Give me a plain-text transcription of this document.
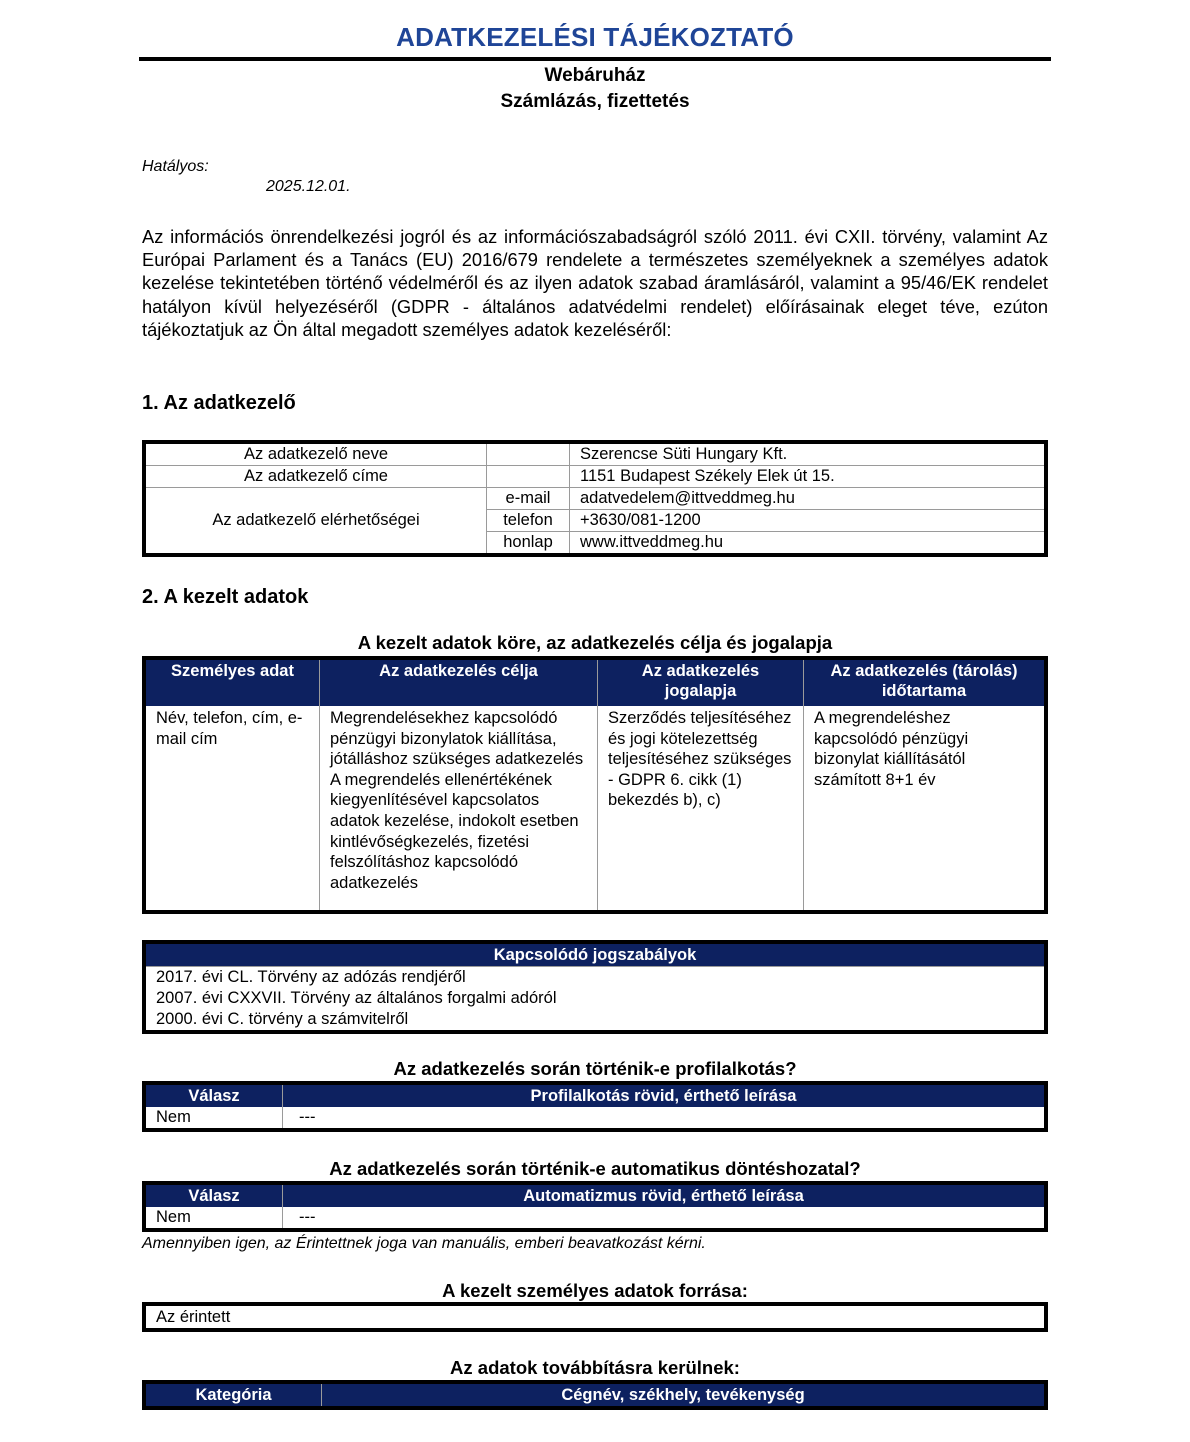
ADATKEZELÉSI TÁJÉKOZTATÓ
Webáruház
Számlázás, fizettetés
Hatályos:
2025.12.01.

Az információs önrendelkezési jogról és az információszabadságról szóló 2011. évi CXII. törvény, valamint Az Európai Parlament és a Tanács (EU) 2016/679 rendelete a természetes személyeknek a személyes adatok kezelése tekintetében történő védelméről és az ilyen adatok szabad áramlásáról, valamint a 95/46/EK rendelet hatályon kívül helyezéséről (GDPR - általános adatvédelmi rendelet) előírásainak eleget téve, ezúton tájékoztatjuk az Ön által megadott személyes adatok kezeléséről:

1. Az adatkezelő
Az adatkezelő neve		Szerencse Süti Hungary Kft.
Az adatkezelő címe		1151 Budapest Székely Elek út 15.
Az adatkezelő elérhetőségei	e-mail	adatvedelem@ittveddmeg.hu
	telefon	+3630/081-1200
	honlap	www.ittveddmeg.hu
2. A kezelt adatok
A kezelt adatok köre, az adatkezelés célja és jogalapja
Személyes adat	Az adatkezelés célja	Az adatkezelés jogalapja	Az adatkezelés (tárolás) időtartama
Név, telefon, cím, e-mail cím	Megrendelésekhez kapcsolódó pénzügyi bizonylatok kiállítása, jótálláshoz szükséges adatkezelés
A megrendelés ellenértékének kiegyenlítésével kapcsolatos adatok kezelése, indokolt esetben kintlévőségkezelés, fizetési felszólításhoz kapcsolódó adatkezelés	Szerződés teljesítéséhez és jogi kötelezettség teljesítéséhez szükséges - GDPR 6. cikk (1) bekezdés b), c)	A megrendeléshez kapcsolódó pénzügyi bizonylat kiállításától számított 8+1 év
Kapcsolódó jogszabályok

2017. évi CL. Törvény az adózás rendjéről
2007. évi CXXVII. Törvény az általános forgalmi adóról
2000. évi C. törvény a számvitelről
Az adatkezelés során történik-e profilalkotás?
Válasz	Profilalkotás rövid, érthető leírása
Nem	---
Az adatkezelés során történik-e automatikus döntéshozatal?
Válasz	Automatizmus rövid, érthető leírása
Nem	---
Amennyiben igen, az Érintettnek joga van manuális, emberi beavatkozást kérni.
A kezelt személyes adatok forrása:
Az érintett
Az adatok továbbításra kerülnek:
Kategória	Cégnév, székhely, tevékenység
